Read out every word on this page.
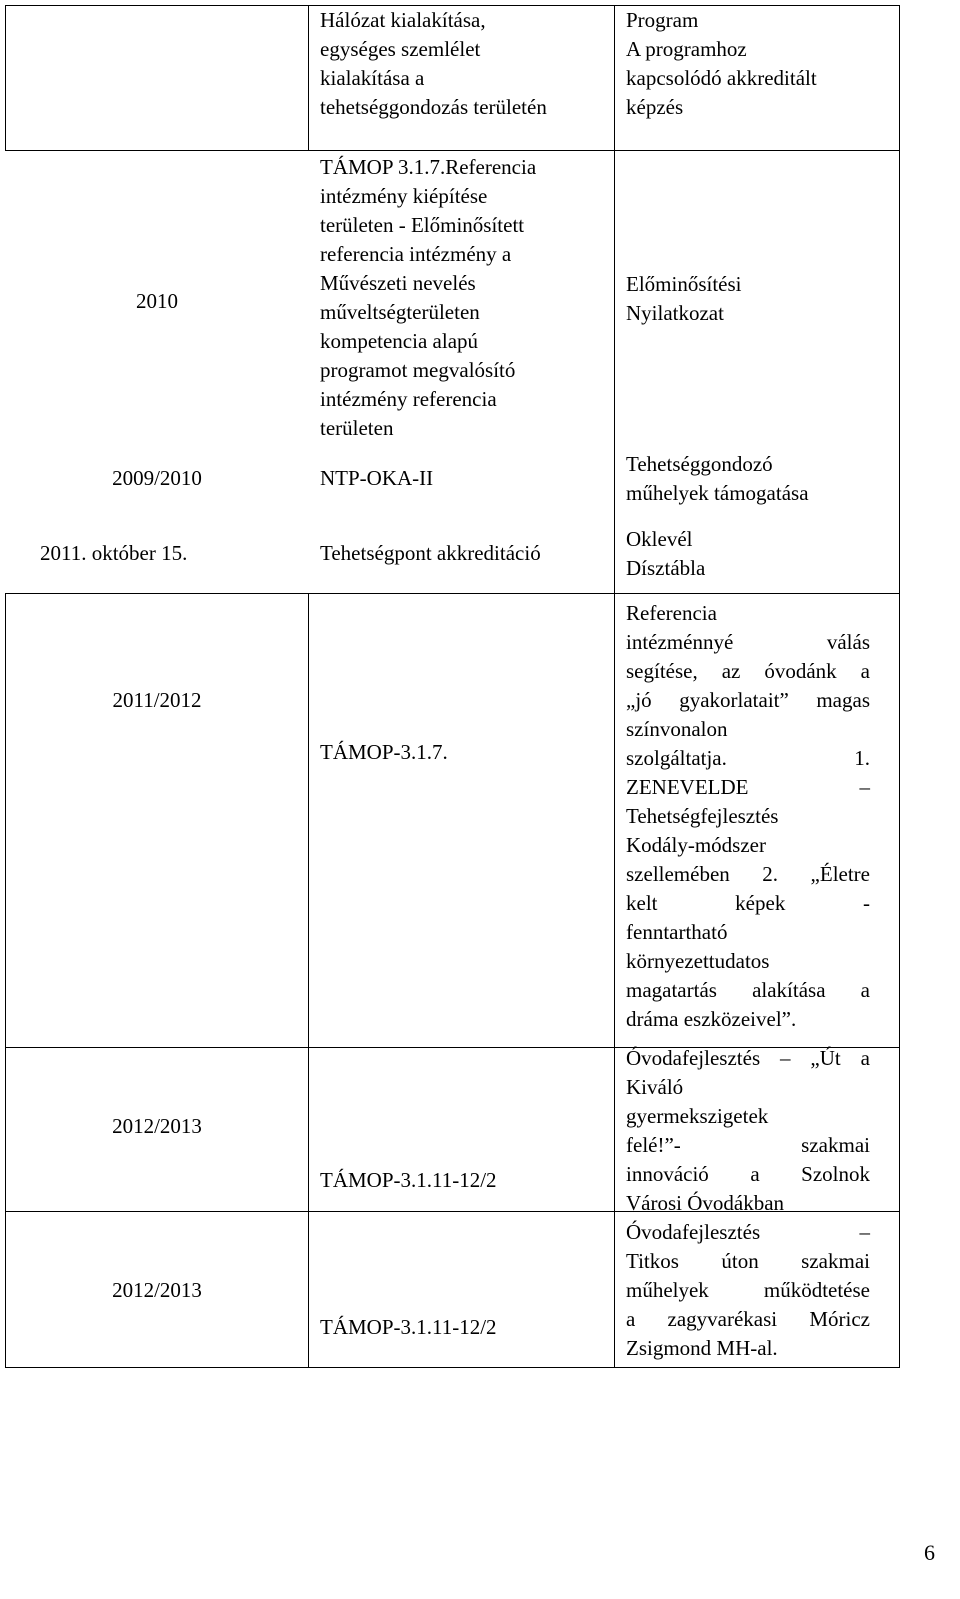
Hálózat kialakítása,
egységes szemlélet
kialakítása a
tehetséggondozás területén
Program
A programhoz
kapcsolódó akkreditált
képzés
2010
TÁMOP 3.1.7.Referencia
intézmény kiépítése
területen - Előminősített
referencia intézmény a
Művészeti nevelés
műveltségterületen
kompetencia alapú
programot megvalósító
intézmény referencia
területen
Előminősítési
Nyilatkozat
2009/2010	NTP-OKA-II
Tehetséggondozó
műhelyek támogatása
2011. október 15.	Tehetségpont akkreditáció
Oklevél
Dísztábla
2011/2012
TÁMOP-3.1.7.
Referencia
intézménnyé válás
segítése, az óvodánk a
„jó gyakorlatait” magas
színvonalon
szolgáltatja. 1.
ZENEVELDE –
Tehetségfejlesztés
Kodály-módszer
szellemében 2. „Életre
kelt képek -
fenntartható
környezettudatos
magatartás alakítása a
dráma eszközeivel”.
2012/2013
TÁMOP-3.1.11-12/2
Óvodafejlesztés – „Út a
Kiváló
gyermekszigetek
felé!”- szakmai
innováció a Szolnok
Városi Óvodákban
2012/2013
TÁMOP-3.1.11-12/2
Óvodafejlesztés –
Titkos úton szakmai
műhelyek működtetése
a zagyvarékasi Móricz
Zsigmond MH-al.
6
